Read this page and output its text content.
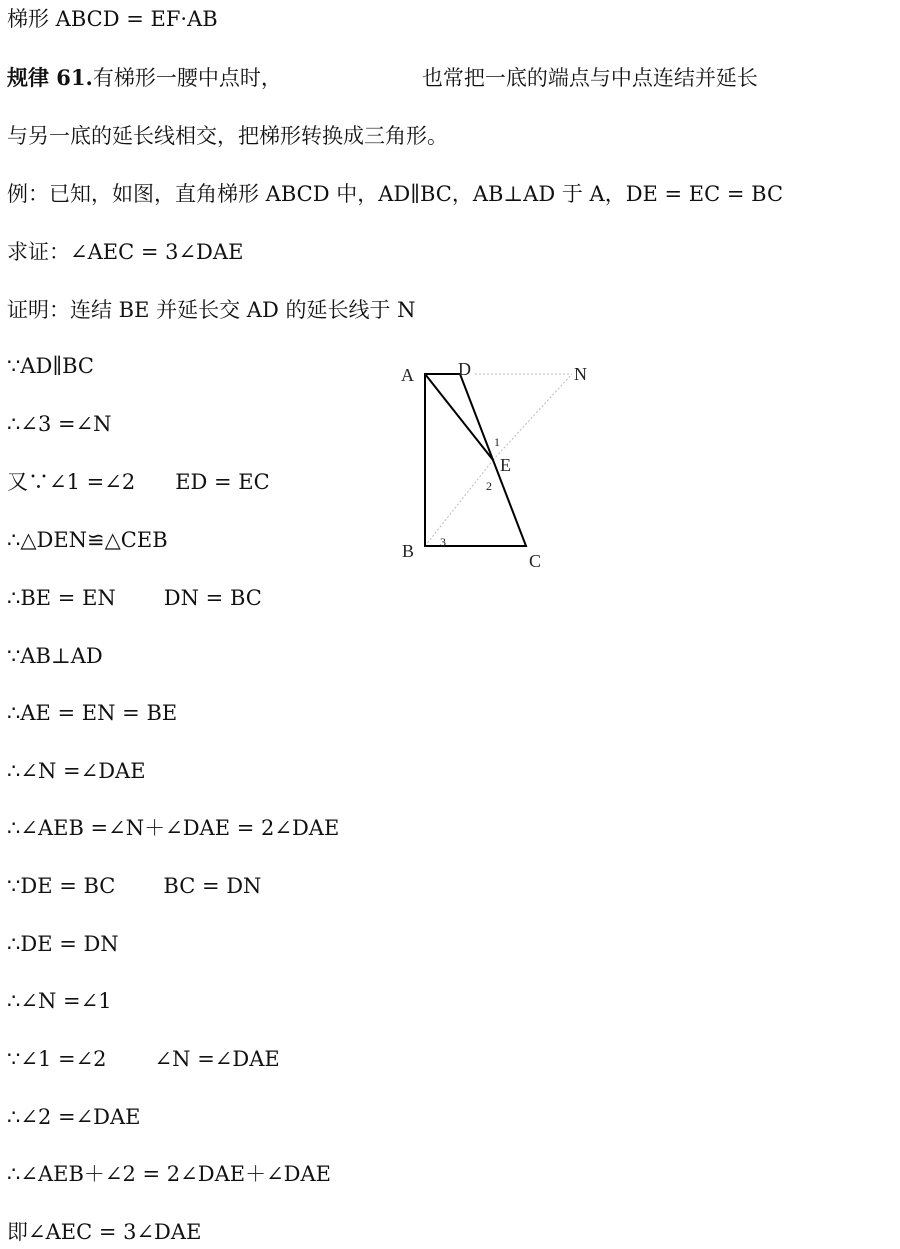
梯形 ABCD = EF·AB
规律 61.有梯形一腰中点时，	也常把一底的端点与中点连结并延长
与另一底的延长线相交，把梯形转换成三角形。
例：已知，如图，直角梯形 ABCD 中，AD∥BC，AB⊥AD 于 A，DE = EC = BC
求证：∠AEC = 3∠DAE
证明：连结 BE 并延长交 AD 的延长线于 N
∵AD∥BC
∴∠3 =∠N
又∵∠1 =∠2 ED = EC
∴△DEN≌△CEB
∴BE = EN DN = BC
∵AB⊥AD
∴AE = EN = BE
∴∠N =∠DAE
∴∠AEB =∠N＋∠DAE = 2∠DAE
∵DE = BC BC = DN
∴DE = DN
∴∠N =∠1
∵∠1 =∠2 ∠N =∠DAE
∴∠2 =∠DAE
∴∠AEB＋∠2 = 2∠DAE＋∠DAE
即∠AEC = 3∠DAE
A D	N
E
B	C
1
2
3
